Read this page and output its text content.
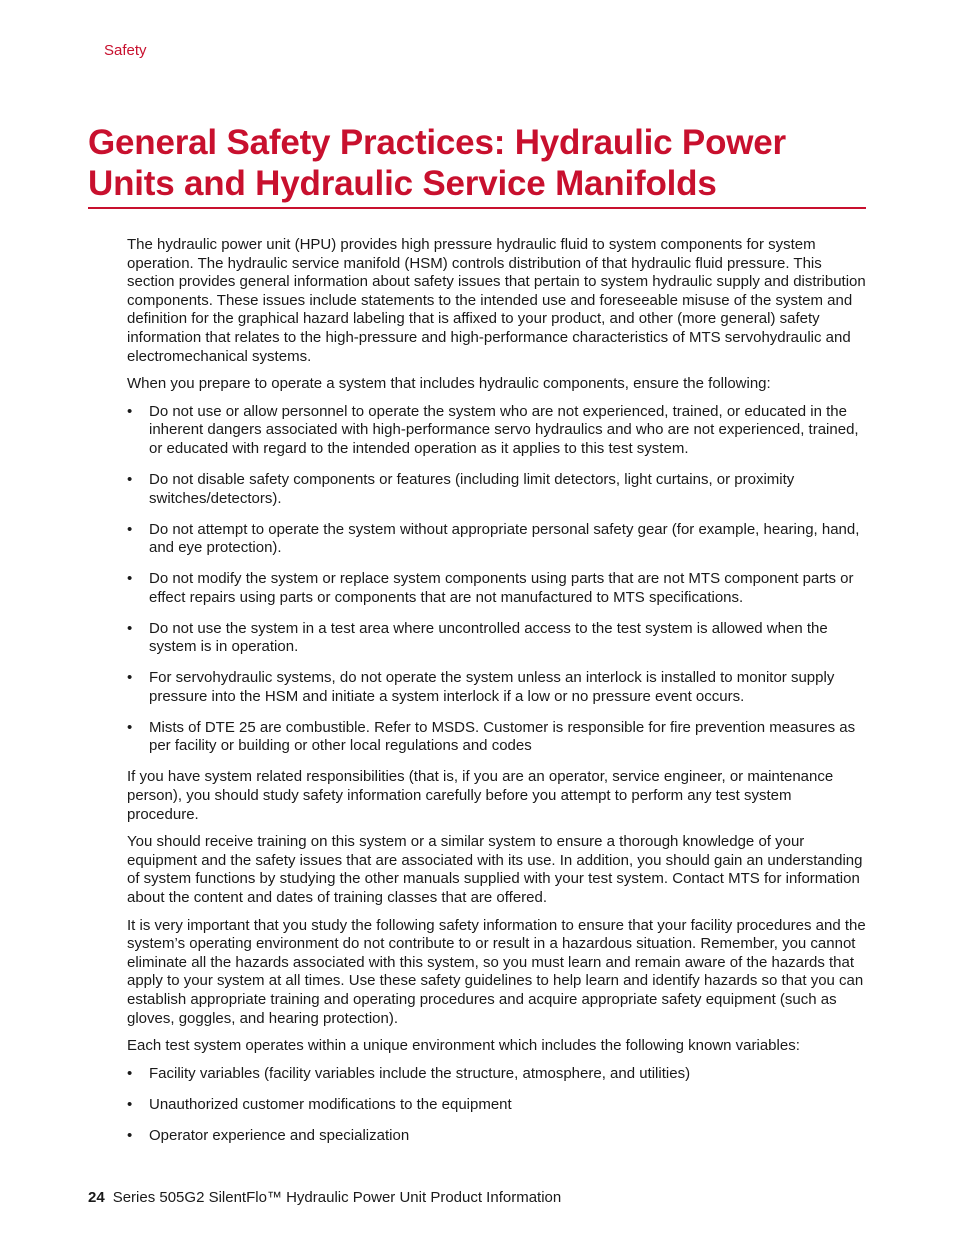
Safety
General Safety Practices: Hydraulic Power Units and Hydraulic Service Manifolds

The hydraulic power unit (HPU) provides high pressure hydraulic fluid to system components for system operation. The hydraulic service manifold (HSM) controls distribution of that hydraulic fluid pressure. This section provides general information about safety issues that pertain to system hydraulic supply and distribution components. These issues include statements to the intended use and foreseeable misuse of the system and definition for the graphical hazard labeling that is affixed to your product, and other (more general) safety information that relates to the high-pressure and high-performance characteristics of MTS servohydraulic and electromechanical systems.

When you prepare to operate a system that includes hydraulic components, ensure the following:

• Do not use or allow personnel to operate the system who are not experienced, trained, or educated in the inherent dangers associated with high-performance servo hydraulics and who are not experienced, trained, or educated with regard to the intended operation as it applies to this test system.
• Do not disable safety components or features (including limit detectors, light curtains, or proximity switches/detectors).
• Do not attempt to operate the system without appropriate personal safety gear (for example, hearing, hand, and eye protection).
• Do not modify the system or replace system components using parts that are not MTS component parts or effect repairs using parts or components that are not manufactured to MTS specifications.
• Do not use the system in a test area where uncontrolled access to the test system is allowed when the system is in operation.
• For servohydraulic systems, do not operate the system unless an interlock is installed to monitor supply pressure into the HSM and initiate a system interlock if a low or no pressure event occurs.
• Mists of DTE 25 are combustible. Refer to MSDS. Customer is responsible for fire prevention measures as per facility or building or other local regulations and codes

If you have system related responsibilities (that is, if you are an operator, service engineer, or maintenance person), you should study safety information carefully before you attempt to perform any test system procedure.

You should receive training on this system or a similar system to ensure a thorough knowledge of your equipment and the safety issues that are associated with its use. In addition, you should gain an understanding of system functions by studying the other manuals supplied with your test system. Contact MTS for information about the content and dates of training classes that are offered.

It is very important that you study the following safety information to ensure that your facility procedures and the system’s operating environment do not contribute to or result in a hazardous situation. Remember, you cannot eliminate all the hazards associated with this system, so you must learn and remain aware of the hazards that apply to your system at all times. Use these safety guidelines to help learn and identify hazards so that you can establish appropriate training and operating procedures and acquire appropriate safety equipment (such as gloves, goggles, and hearing protection).

Each test system operates within a unique environment which includes the following known variables:

• Facility variables (facility variables include the structure, atmosphere, and utilities)
• Unauthorized customer modifications to the equipment
• Operator experience and specialization
24 Series 505G2 SilentFlo™ Hydraulic Power Unit Product Information
